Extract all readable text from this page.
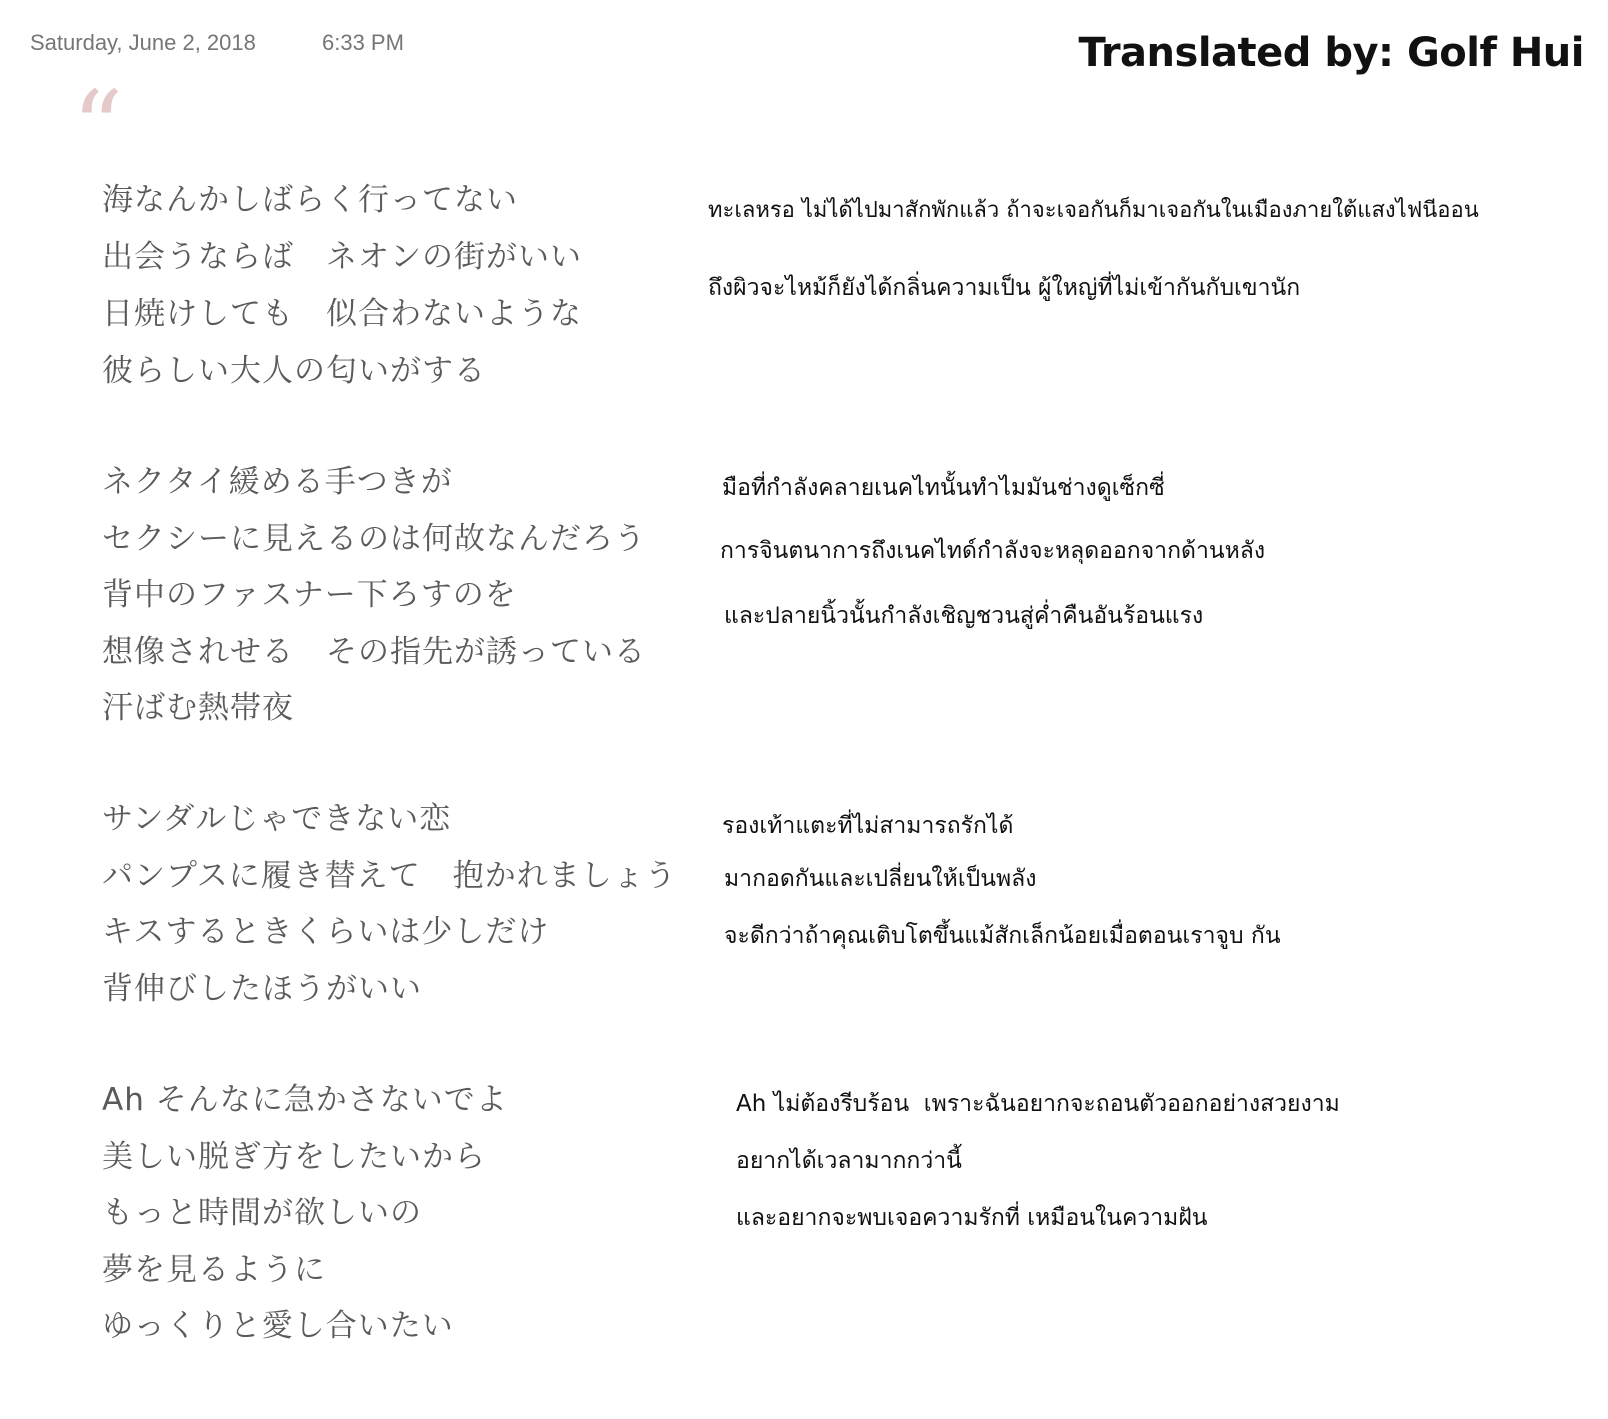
Saturday, June 2, 2018	6:33 PM	Translated by: Golf Hui
“
海なんかしばらく行ってない
出会うならば　ネオンの街がいい
日焼けしても　似合わないような
彼らしい大人の匂いがする
ネクタイ緩める手つきが
セクシーに見えるのは何故なんだろう
背中のファスナー下ろすのを
想像されせる　その指先が誘っている
汗ばむ熱帯夜
サンダルじゃできない恋
パンプスに履き替えて　抱かれましょう
キスするときくらいは少しだけ
背伸びしたほうがいい
Ah そんなに急かさないでよ
美しい脱ぎ方をしたいから
もっと時間が欲しいの
夢を見るように
ゆっくりと愛し合いたい
ทะเลหรอ ไม่ได้ไปมาสักพักแล้ว ถ้าจะเจอกันก็มาเจอกันในเมืองภายใต้แสงไฟนีออน
ถึงผิวจะไหม้ก็ยังได้กลิ่นความเป็น ผู้ใหญ่ที่ไม่เข้ากันกับเขานัก
มือที่กำลังคลายเนคไทนั้นทำไมมันช่างดูเซ็กซี่
การจินตนาการถึงเนคไทด์กำลังจะหลุดออกจากด้านหลัง
และปลายนิ้วนั้นกำลังเชิญชวนสู่ค่ำคืนอันร้อนแรง
รองเท้าแตะที่ไม่สามารถรักได้
มากอดกันและเปลี่ยนให้เป็นพลัง
จะดีกว่าถ้าคุณเติบโตขึ้นแม้สักเล็กน้อยเมื่อตอนเราจูบ กัน
Ah ไม่ต้องรีบร้อน  เพราะฉันอยากจะถอนตัวออกอย่างสวยงาม
อยากได้เวลามากกว่านี้
และอยากจะพบเจอความรักที่ เหมือนในความฝัน
